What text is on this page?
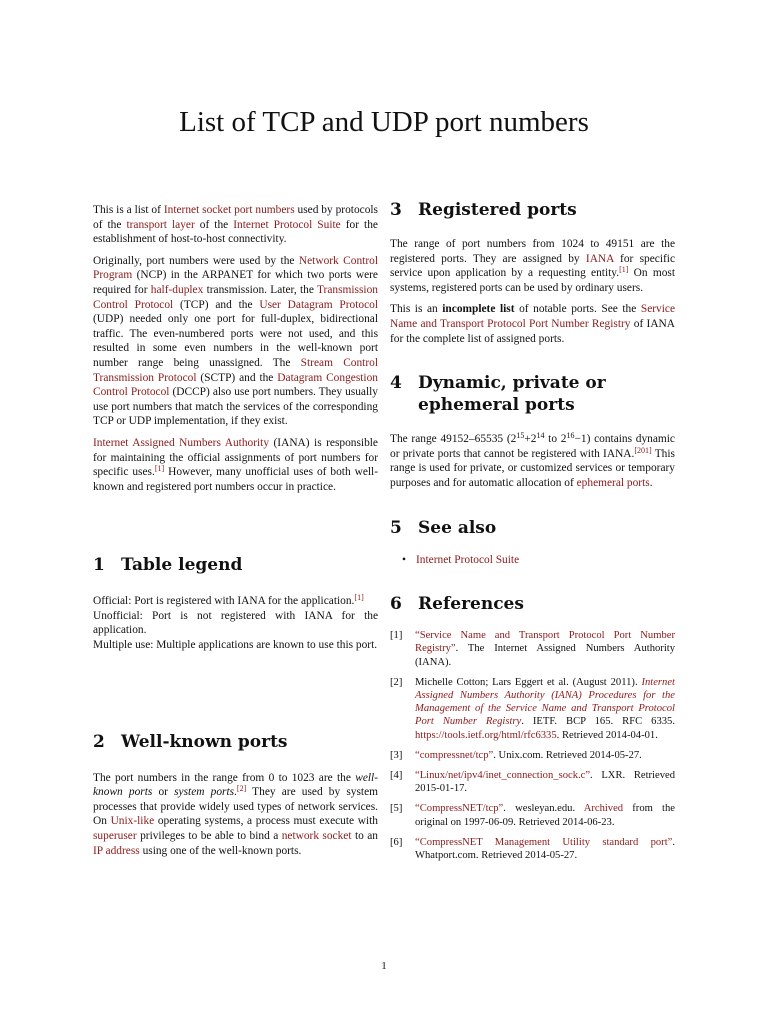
List of TCP and UDP port numbers

This is a list of Internet socket port numbers used by protocols of the transport layer of the Internet Protocol Suite for the establishment of host-to-host connectivity.

Originally, port numbers were used by the Network Control Program (NCP) in the ARPANET for which two ports were required for half-duplex transmission. Later, the Transmission Control Protocol (TCP) and the User Datagram Protocol (UDP) needed only one port for full-duplex, bidirectional traffic. The even-numbered ports were not used, and this resulted in some even numbers in the well-known port number range being unassigned. The Stream Control Transmission Protocol (SCTP) and the Datagram Congestion Control Protocol (DCCP) also use port numbers. They usually use port numbers that match the services of the corresponding TCP or UDP implementation, if they exist.

Internet Assigned Numbers Authority (IANA) is responsible for maintaining the official assignments of port numbers for specific uses.[1] However, many unofficial uses of both well-known and registered port numbers occur in practice.

1 Table legend
Official: Port is registered with IANA for the application.[1]
Unofficial: Port is not registered with IANA for the application.
Multiple use: Multiple applications are known to use this port.
2 Well-known ports

The port numbers in the range from 0 to 1023 are the well-known ports or system ports.[2] They are used by system processes that provide widely used types of network services. On Unix-like operating systems, a process must execute with superuser privileges to be able to bind a network socket to an IP address using one of the well-known ports.

3 Registered ports

The range of port numbers from 1024 to 49151 are the registered ports. They are assigned by IANA for specific service upon application by a requesting entity.[1] On most systems, registered ports can be used by ordinary users.

This is an incomplete list of notable ports. See the Service Name and Transport Protocol Port Number Registry of IANA for the complete list of assigned ports.

4 Dynamic, private or ephemeral ports

The range 49152–65535 ($2^{15}+2^{14}$ to $2^{16}-1$) contains dynamic or private ports that cannot be registered with IANA.[201] This range is used for private, or customized services or temporary purposes and for automatic allocation of ephemeral ports.

5 See also
• Internet Protocol Suite
6 References
[1]	“Service Name and Transport Protocol Port Number Registry”. The Internet Assigned Numbers Authority (IANA).
[2]	Michelle Cotton; Lars Eggert et al. (August 2011). Internet Assigned Numbers Authority (IANA) Procedures for the Management of the Service Name and Transport Protocol Port Number Registry. IETF. BCP 165. RFC 6335. https://tools.ietf.org/html/rfc6335. Retrieved 2014-04-01.
[3]	“compressnet/tcp”. Unix.com. Retrieved 2014-05-27.
[4]	“Linux/net/ipv4/inet_connection_sock.c”. LXR. Retrieved 2015-01-17.
[5]	“CompressNET/tcp”. wesleyan.edu. Archived from the original on 1997-06-09. Retrieved 2014-06-23.
[6]	“CompressNET Management Utility standard port”. Whatport.com. Retrieved 2014-05-27.
1
